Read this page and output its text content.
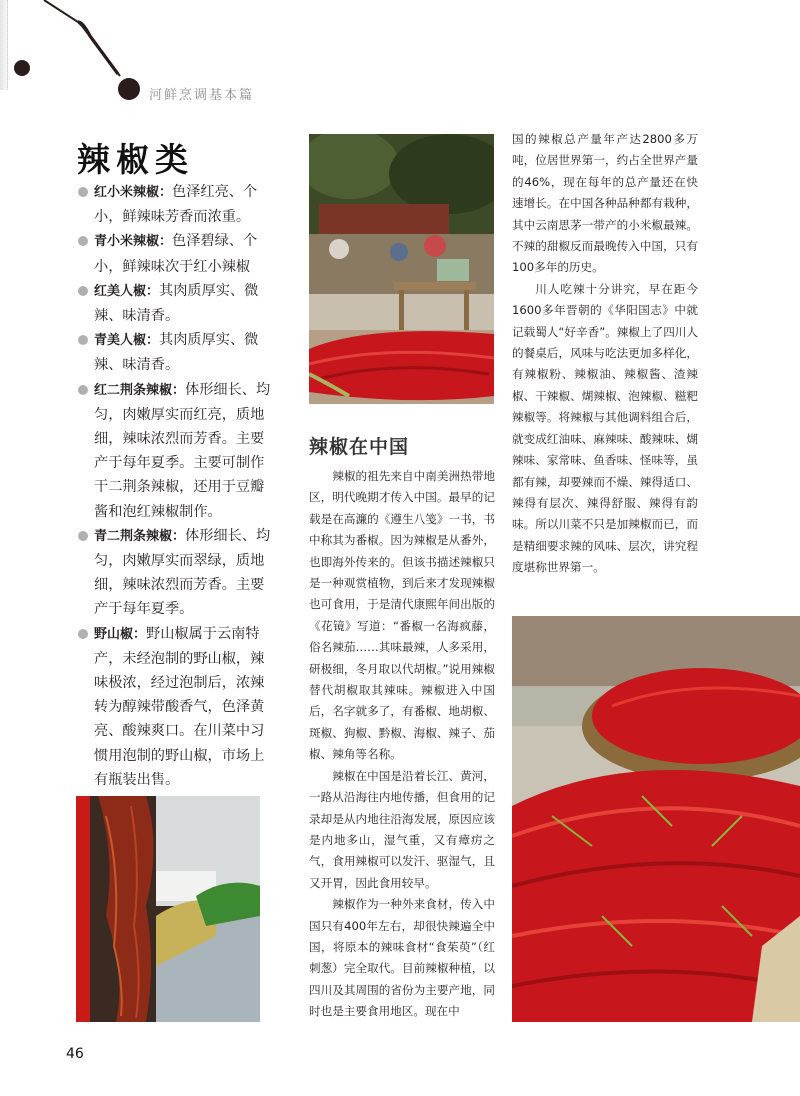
河鲜烹调基本篇
辣椒类
红小米辣椒：色泽红亮、个小，鲜辣味芳香而浓重。
青小米辣椒：色泽碧绿、个小，鲜辣味次于红小辣椒
红美人椒：其肉质厚实、微辣、味清香。
青美人椒：其肉质厚实、微辣、味清香。
红二荆条辣椒：体形细长、均匀，肉嫩厚实而红亮，质地细，辣味浓烈而芳香。主要产于每年夏季。主要可制作干二荆条辣椒，还用于豆瓣酱和泡红辣椒制作。
青二荆条辣椒：体形细长、均匀，肉嫩厚实而翠绿，质地细，辣味浓烈而芳香。主要产于每年夏季。
野山椒：野山椒属于云南特产，未经泡制的野山椒，辣味极浓，经过泡制后，浓辣转为醇辣带酸香气，色泽黄亮、酸辣爽口。在川菜中习惯用泡制的野山椒，市场上有瓶装出售。
辣椒在中国

辣椒的祖先来自中南美洲热带地区，明代晚期才传入中国。最早的记载是在高濂的《遵生八笺》一书，书中称其为番椒。因为辣椒是从番外，也即海外传来的。但该书描述辣椒只是一种观赏植物，到后来才发现辣椒也可食用，于是清代康熙年间出版的《花镜》写道：“番椒一名海疯藤，俗名辣茄……其味最辣，人多采用，研极细，冬月取以代胡椒。”说用辣椒替代胡椒取其辣味。辣椒进入中国后，名字就多了，有番椒、地胡椒、斑椒、狗椒、黔椒、海椒、辣子、茄椒、辣角等名称。

辣椒在中国是沿着长江、黄河，一路从沿海往内地传播，但食用的记录却是从内地往沿海发展，原因应该是内地多山，湿气重，又有瘴疠之气，食用辣椒可以发汗、驱湿气，且又开胃，因此食用较早。

辣椒作为一种外来食材，传入中国只有400年左右，却很快辣遍全中国，将原本的辣味食材“食茱萸”（红刺葱）完全取代。目前辣椒种植，以四川及其周围的省份为主要产地，同时也是主要食用地区。现在中

国的辣椒总产量年产达2800多万吨，位居世界第一，约占全世界产量的46%，现在每年的总产量还在快速增长。在中国各种品种都有栽种，其中云南思茅一带产的小米椒最辣。不辣的甜椒反而最晚传入中国，只有100多年的历史。

川人吃辣十分讲究，早在距今1600多年晋朝的《华阳国志》中就记载蜀人“好辛香”。辣椒上了四川人的餐桌后，风味与吃法更加多样化，有辣椒粉、辣椒油、辣椒酱、渣辣椒、干辣椒、煳辣椒、泡辣椒、糍粑辣椒等。将辣椒与其他调料组合后，就变成红油味、麻辣味、酸辣味、煳辣味、家常味、鱼香味、怪味等，虽都有辣，却要辣而不燥、辣得适口、辣得有层次、辣得舒服、辣得有韵味。所以川菜不只是加辣椒而已，而是精细要求辣的风味、层次，讲究程度堪称世界第一。

46
